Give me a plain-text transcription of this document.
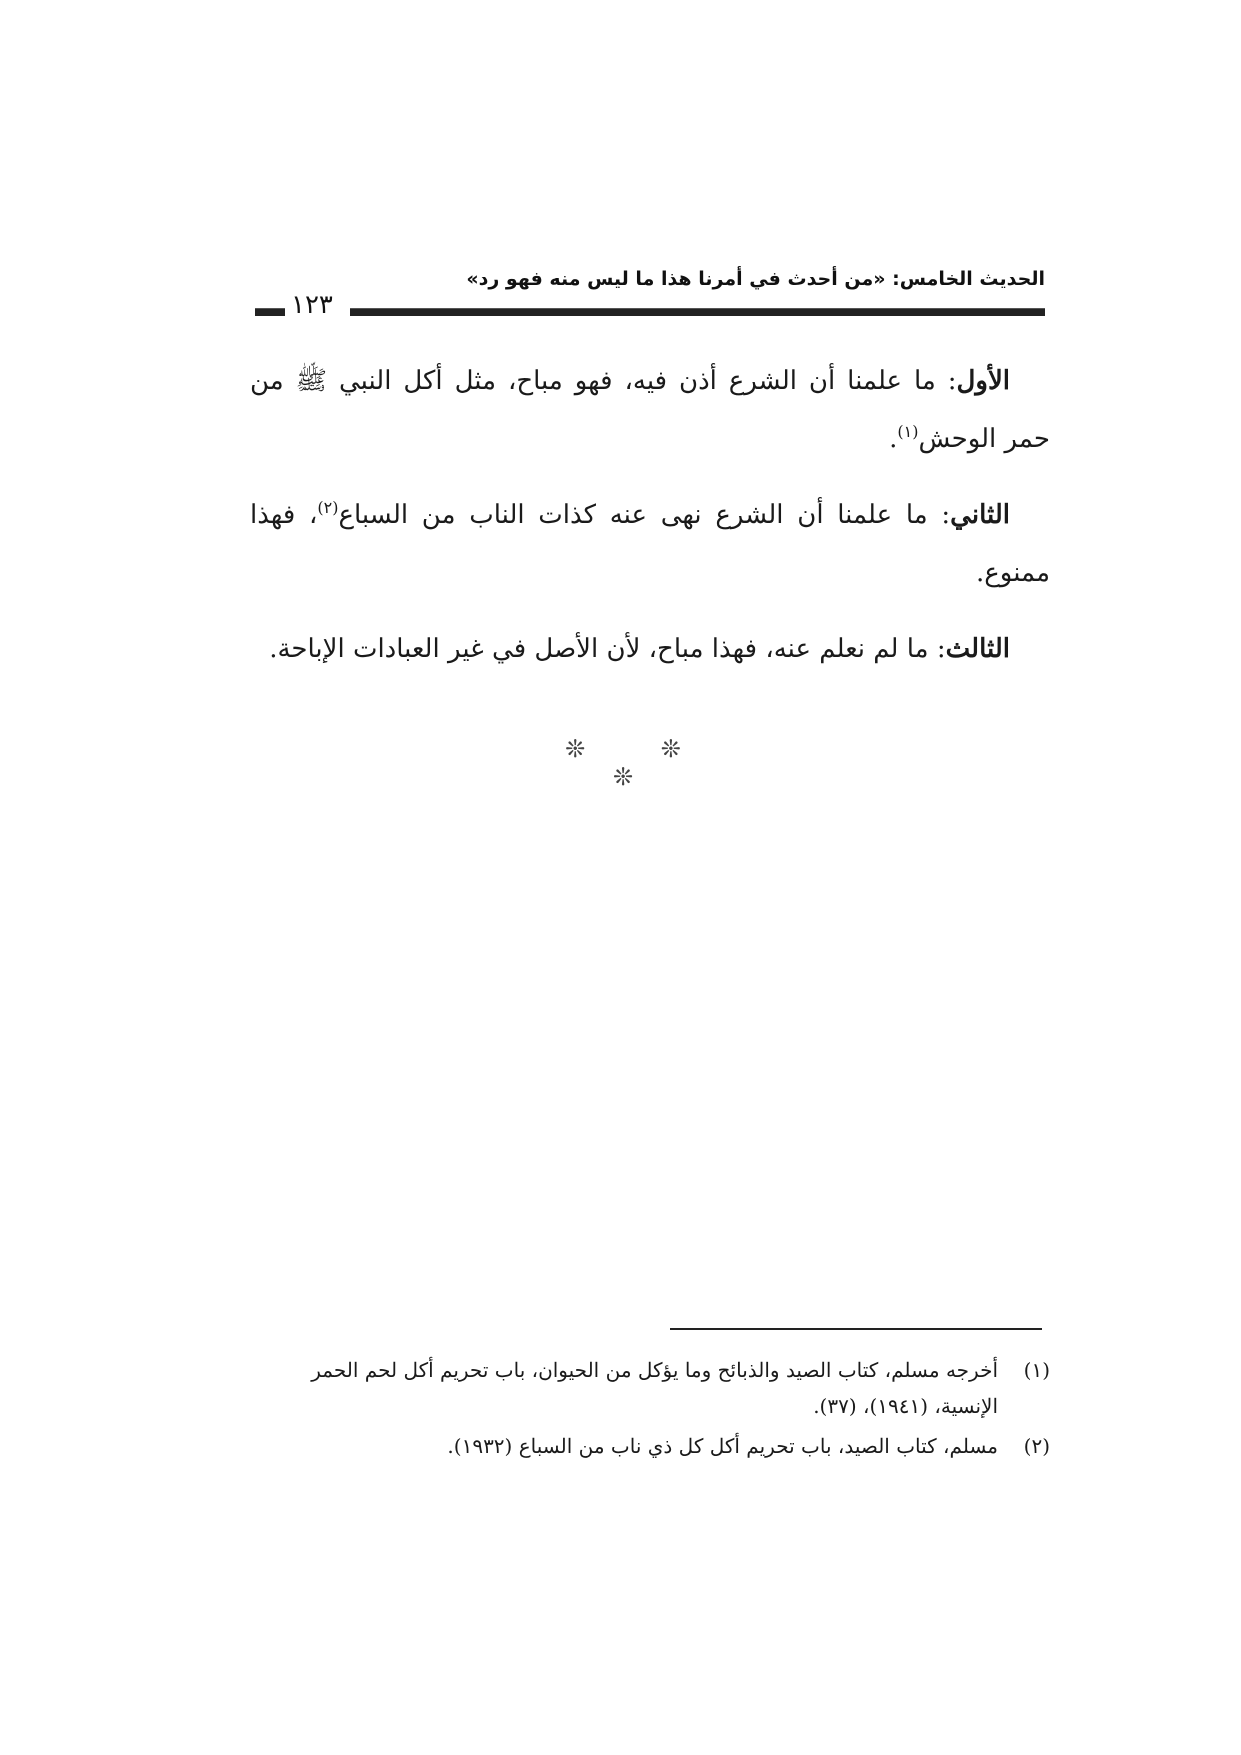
الحديث الخامس: «من أحدث في أمرنا هذا ما ليس منه فهو رد»
١٢٣

الأول: ما علمنا أن الشرع أذن فيه، فهو مباح، مثل أكل النبي ﷺ من حمر الوحش$^{(١)}$.

الثاني: ما علمنا أن الشرع نهى عنه كذات الناب من السباع$^{(٢)}$، فهذا ممنوع.

الثالث: ما لم نعلم عنه، فهذا مباح، لأن الأصل في غير العبادات الإباحة.

❊ ❊ ❊

(١)
أخرجه مسلم، كتاب الصيد والذبائح وما يؤكل من الحيوان، باب تحريم أكل لحم الحمر الإنسية، (١٩٤١)، (٣٧).

(٢)
مسلم، كتاب الصيد، باب تحريم أكل كل ذي ناب من السباع (١٩٣٢).
